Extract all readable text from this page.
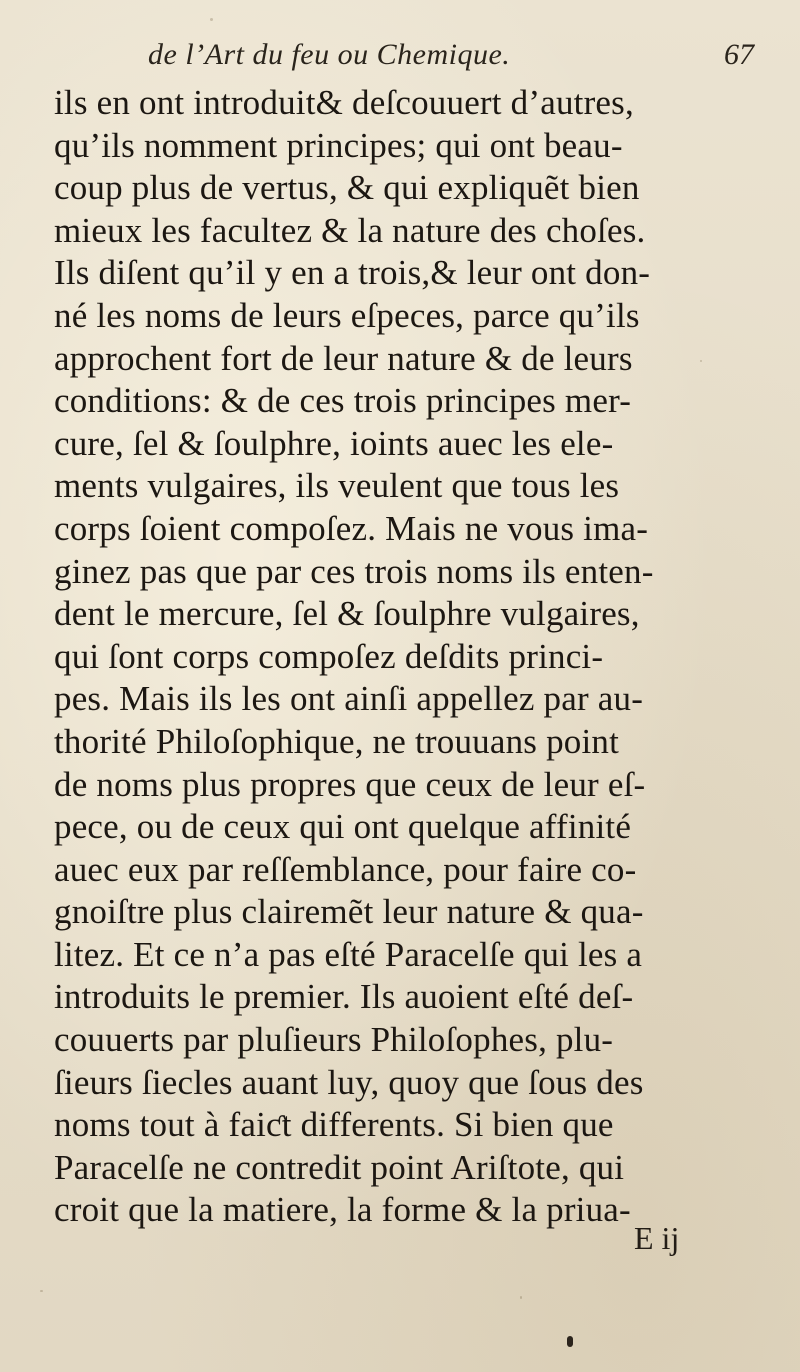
de l’Art du feu ou Chemique.	67
ils en ont introduit& deſcouuert d’autres,
qu’ils nomment principes; qui ont beau-
coup plus de vertus, & qui expliquẽt bien
mieux les facultez & la nature des choſes.
Ils diſent qu’il y en a trois,& leur ont don-
né les noms de leurs eſpeces, parce qu’ils
approchent fort de leur nature & de leurs
conditions: & de ces trois principes mer-
cure, ſel & ſoulphre, ioints auec les ele-
ments vulgaires, ils veulent que tous les
corps ſoient compoſez. Mais ne vous ima-
ginez pas que par ces trois noms ils enten-
dent le mercure, ſel & ſoulphre vulgaires,
qui ſont corps compoſez deſdits princi-
pes. Mais ils les ont ainſi appellez par au-
thorité Philoſophique, ne trouuans point
de noms plus propres que ceux de leur eſ-
pece, ou de ceux qui ont quelque affinité
auec eux par reſſemblance, pour faire co-
gnoiſtre plus clairemẽt leur nature & qua-
litez. Et ce n’a pas eſté Paracelſe qui les a
introduits le premier. Ils auoient eſté deſ-
couuerts par pluſieurs Philoſophes, plu-
ſieurs ſiecles auant luy, quoy que ſous des
noms tout à faiƈt differents. Si bien que
Paracelſe ne contredit point Ariſtote, qui
croit que la matiere, la forme & la priua-
E ij
